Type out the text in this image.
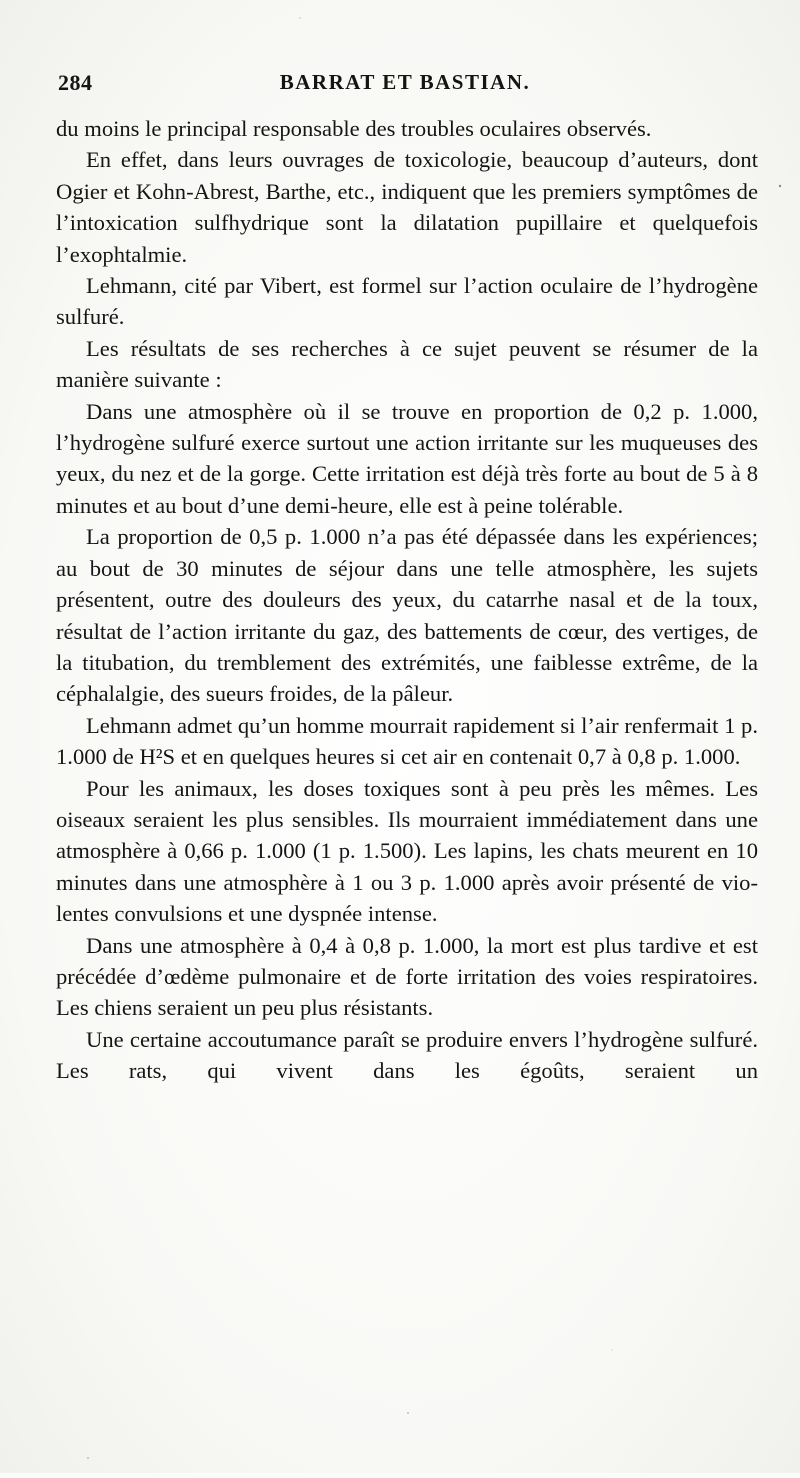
284	BARRAT ET BASTIAN.

du moins le principal responsable des troubles oculaires observés.

En effet, dans leurs ouvrages de toxicologie, beaucoup d’auteurs, dont Ogier et Kohn-Abrest, Barthe, etc., indiquent que les premiers symptômes de l’intoxication sulfhydrique sont la dilatation pupillaire et quelquefois l’exophtalmie.

Lehmann, cité par Vibert, est formel sur l’action oculaire de l’hydrogène sulfuré.

Les résultats de ses recherches à ce sujet peuvent se résumer de la manière suivante :

Dans une atmosphère où il se trouve en proportion de 0,2 p. 1.000, l’hydrogène sulfuré exerce surtout une action irritante sur les muqueuses des yeux, du nez et de la gorge. Cette irritation est déjà très forte au bout de 5 à 8 minutes et au bout d’une demi-heure, elle est à peine tolérable.

La proportion de 0,5 p. 1.000 n’a pas été dépassée dans les expériences; au bout de 30 minutes de séjour dans une telle atmosphère, les sujets présentent, outre des douleurs des yeux, du catarrhe nasal et de la toux, résultat de l’action irritante du gaz, des battements de cœur, des vertiges, de la titubation, du tremblement des extrémités, une faiblesse extrême, de la céphalalgie, des sueurs froides, de la pâleur.

Lehmann admet qu’un homme mourrait rapidement si l’air renfermait 1 p. 1.000 de H²S et en quelques heures si cet air en contenait 0,7 à 0,8 p. 1.000.

Pour les animaux, les doses toxiques sont à peu près les mêmes. Les oiseaux seraient les plus sensibles. Ils mourraient immédiatement dans une atmosphère à 0,66 p. 1.000 (1 p. 1.500). Les lapins, les chats meurent en 10 minutes dans une atmosphère à 1 ou 3 p. 1.000 après avoir présenté de violentes convulsions et une dyspnée intense.

Dans une atmosphère à 0,4 à 0,8 p. 1.000, la mort est plus tardive et est précédée d’œdème pulmonaire et de forte irritation des voies respiratoires. Les chiens seraient un peu plus résistants.

Une certaine accoutumance paraît se produire envers l’hydrogène sulfuré. Les rats, qui vivent dans les égoûts, seraient un
